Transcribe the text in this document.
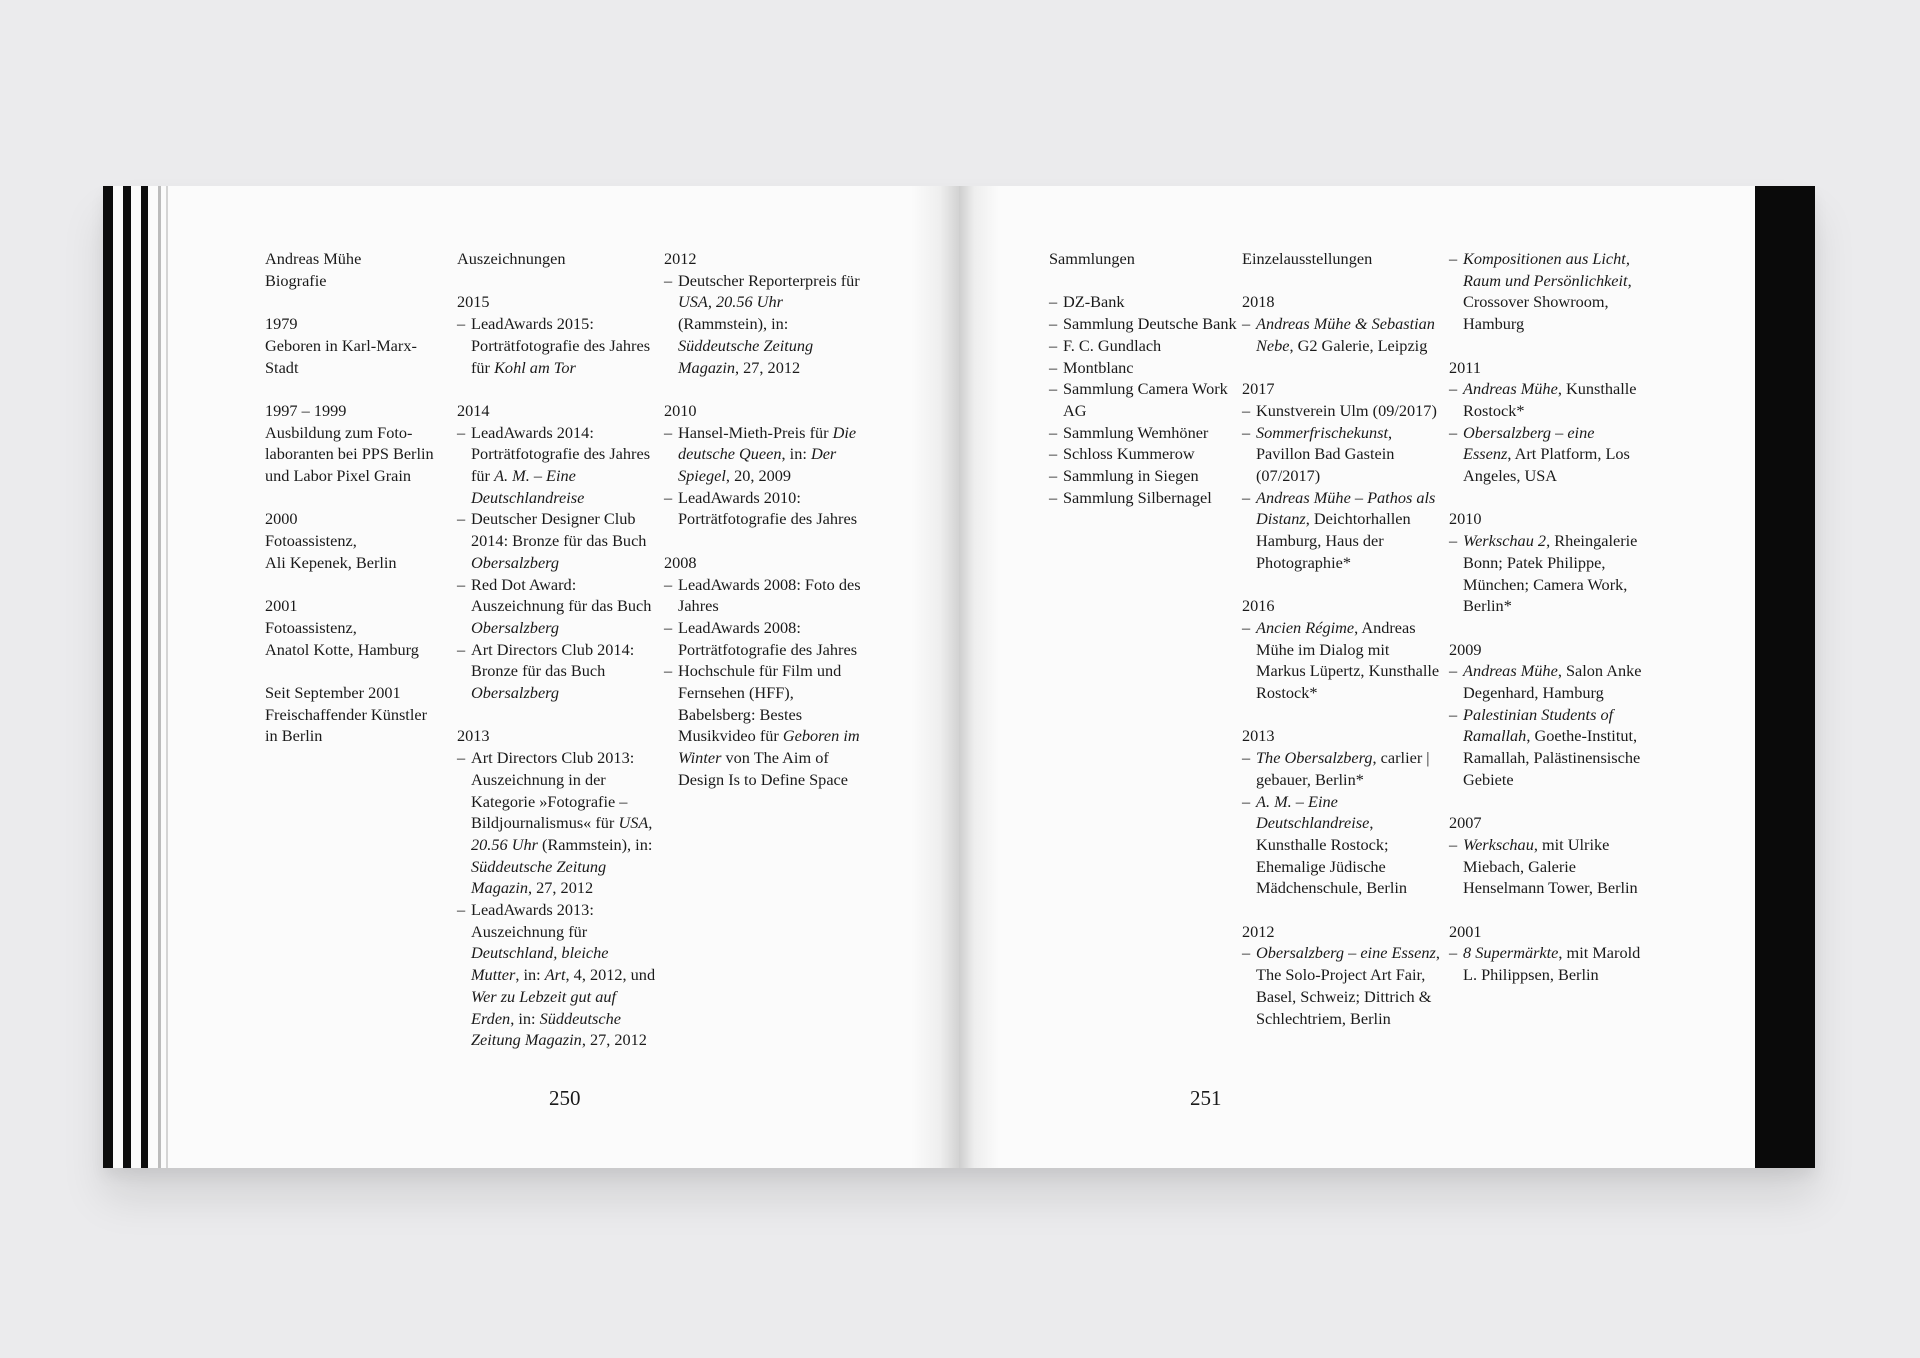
Andreas Mühe

Biografie

1979

Geboren in Karl-Marx-

Stadt

1997 – 1999

Ausbildung zum Foto-

laboranten bei PPS Berlin

und Labor Pixel Grain

2000

Fotoassistenz,

Ali Kepenek, Berlin

2001

Fotoassistenz,

Anatol Kotte, Hamburg

Seit September 2001

Freischaffender Künstler

in Berlin

Auszeichnungen

2015

– LeadAwards 2015: Porträtfotografie des Jahres für Kohl am Tor

2014

– LeadAwards 2014: Porträtfotografie des Jahres für A. M. – Eine Deutschlandreise

– Deutscher Designer Club 2014: Bronze für das Buch Obersalzberg

– Red Dot Award: Auszeichnung für das Buch Obersalzberg

– Art Directors Club 2014: Bronze für das Buch Obersalzberg

2013

– Art Directors Club 2013: Auszeichnung in der Kategorie »Fotografie – Bildjournalismus« für USA, 20.56 Uhr (Rammstein), in: Süddeutsche Zeitung Magazin, 27, 2012

– LeadAwards 2013: Auszeichnung für Deutschland, bleiche Mutter, in: Art, 4, 2012, und Wer zu Lebzeit gut auf Erden, in: Süddeutsche Zeitung Magazin, 27, 2012

2012

– Deutscher Reporterpreis für USA, 20.56 Uhr (Rammstein), in: Süddeutsche Zeitung Magazin, 27, 2012

2010

– Hansel-Mieth-Preis für Die deutsche Queen, in: Der Spiegel, 20, 2009

– LeadAwards 2010: Porträtfotografie des Jahres

2008

– LeadAwards 2008: Foto des Jahres

– LeadAwards 2008: Porträtfotografie des Jahres

– Hochschule für Film und Fernsehen (HFF), Babelsberg: Bestes Musikvideo für Geboren im Winter von The Aim of Design Is to Define Space

250

Sammlungen

– DZ-Bank

– Sammlung Deutsche Bank

– F. C. Gundlach

– Montblanc

– Sammlung Camera Work AG

– Sammlung Wemhöner

– Schloss Kummerow

– Sammlung in Siegen

– Sammlung Silbernagel

Einzelausstellungen

2018

– Andreas Mühe & Sebastian Nebe, G2 Galerie, Leipzig

2017

– Kunstverein Ulm (09/2017)

– Sommerfrischekunst, Pavillon Bad Gastein (07/2017)

– Andreas Mühe – Pathos als Distanz, Deichtorhallen Hamburg, Haus der Photographie*

2016

– Ancien Régime, Andreas Mühe im Dialog mit Markus Lüpertz, Kunsthalle Rostock*

2013

– The Obersalzberg, carlier | gebauer, Berlin*

– A. M. – Eine Deutschlandreise, Kunsthalle Rostock; Ehemalige Jüdische Mädchenschule, Berlin

2012

– Obersalzberg – eine Essenz, The Solo-Project Art Fair, Basel, Schweiz; Dittrich & Schlechtriem, Berlin

– Kompositionen aus Licht, Raum und Persönlichkeit, Crossover Showroom, Hamburg

2011

– Andreas Mühe, Kunsthalle Rostock*

– Obersalzberg – eine Essenz, Art Platform, Los Angeles, USA

2010

– Werkschau 2, Rheingalerie Bonn; Patek Philippe, München; Camera Work, Berlin*

2009

– Andreas Mühe, Salon Anke Degenhard, Hamburg

– Palestinian Students of Ramallah, Goethe-Institut, Ramallah, Palästinensische Gebiete

2007

– Werkschau, mit Ulrike Miebach, Galerie Henselmann Tower, Berlin

2001

– 8 Supermärkte, mit Marold L. Philippsen, Berlin

251
